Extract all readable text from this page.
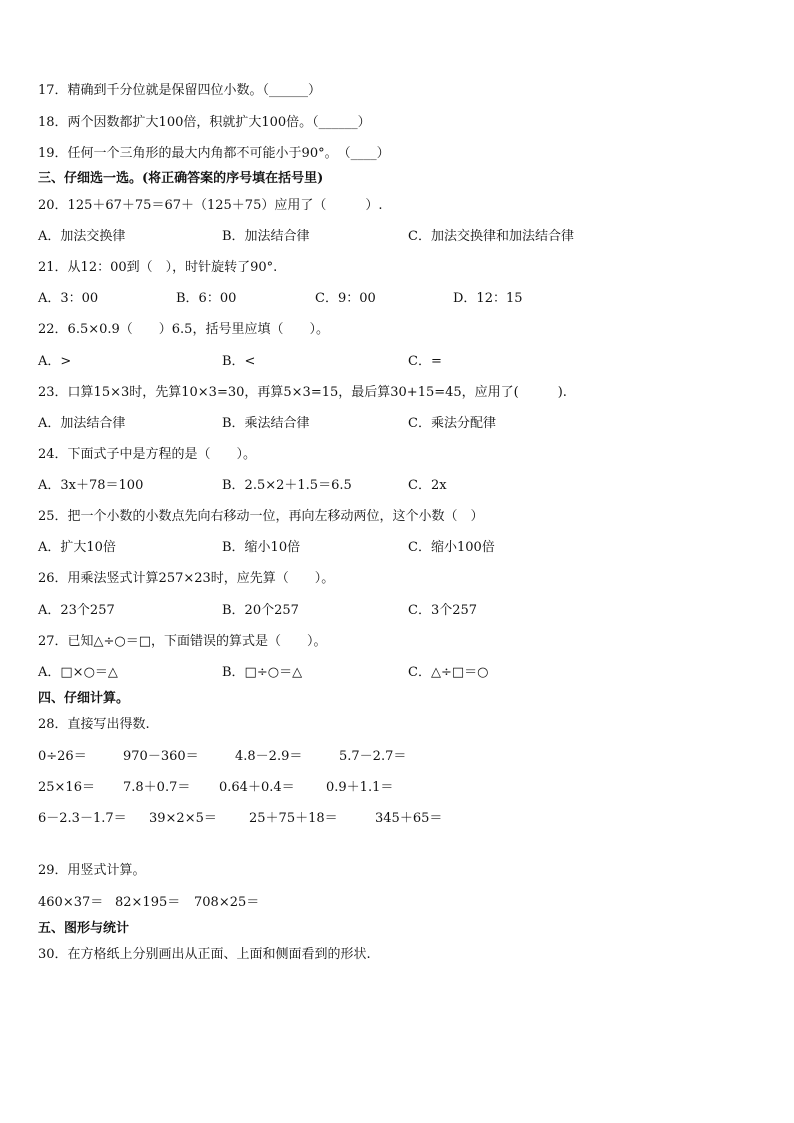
17．精确到千分位就是保留四位小数。（______）
18．两个因数都扩大100倍，积就扩大100倍。（______）
19．任何一个三角形的最大内角都不可能小于90°。　（____）
三、仔细选一选。(将正确答案的序号填在括号里)
20．125＋67＋75＝67＋（125＋75）应用了（　　　）.
A．加法交换律	B．加法结合律	C．加法交换律和加法结合律
21．从12：00到（　），时针旋转了90°.
A．3：00	B．6：00	C．9：00	D．12：15
22．6.5×0.9（　　）6.5，括号里应填（　　）。
A．>	B．<	C．=
23．口算15×3时，先算10×3=30，再算5×3=15，最后算30+15=45，应用了(　　　).
A．加法结合律	B．乘法结合律	C．乘法分配律
24．下面式子中是方程的是（　　）。
A．3x＋78＝100	B．2.5×2＋1.5＝6.5	C．2x
25．把一个小数的小数点先向右移动一位，再向左移动两位，这个小数（　）
A．扩大10倍	B．缩小10倍	C．缩小100倍
26．用乘法竖式计算257×23时，应先算（　　）。
A．23个257	B．20个257	C．3个257
27．已知△÷○＝□，下面错误的算式是（　　）。
A．□×○＝△	B．□÷○＝△	C．△÷□＝○
四、仔细计算。
28．直接写出得数.
0÷26＝	970－360＝	4.8－2.9＝	5.7－2.7＝
25×16＝ 7.8＋0.7＝ 0.64＋0.4＝ 0.9＋1.1＝
6－2.3－1.7＝ 39×2×5＝ 25＋75＋18＝	345＋65＝
29．用竖式计算。
460×37＝ 82×195＝ 708×25＝
五、图形与统计
30．在方格纸上分别画出从正面、上面和侧面看到的形状.
